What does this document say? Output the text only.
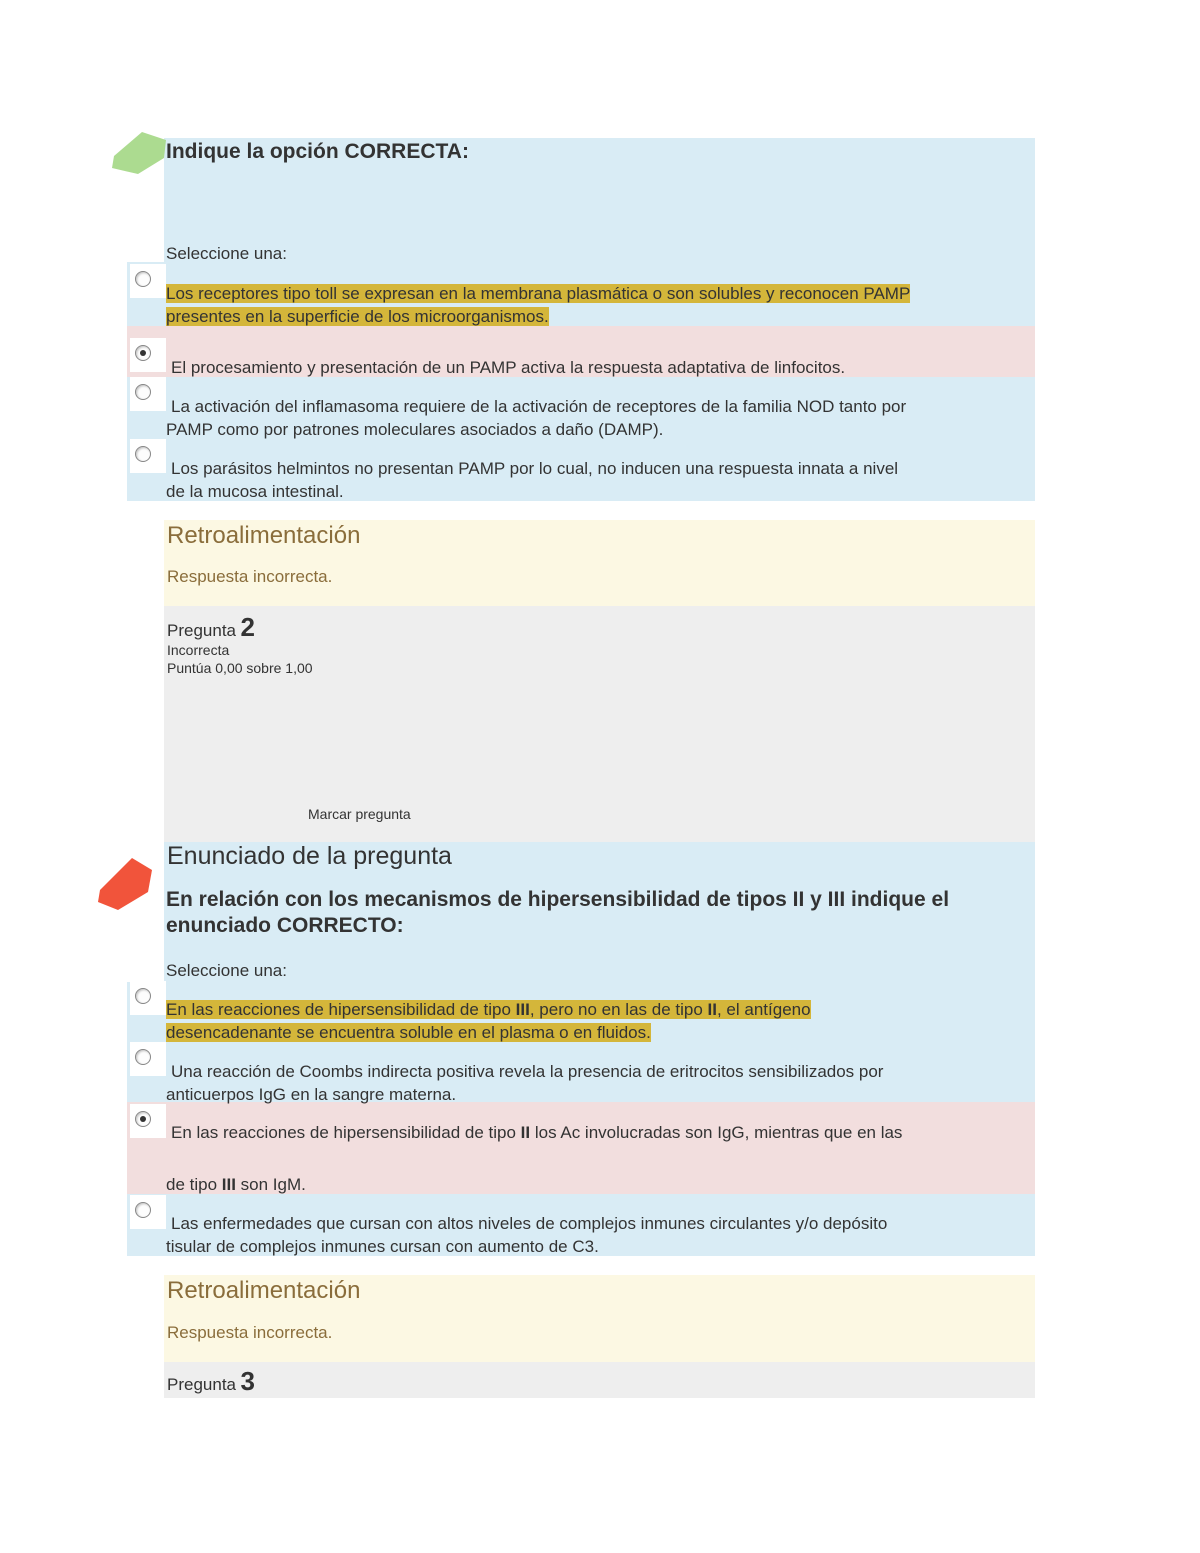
Indique la opción CORRECTA:
Seleccione una:
Los receptores tipo toll se expresan en la membrana plasmática o son solubles y reconocen PAMP
presentes en la superficie de los microorganismos.
El procesamiento y presentación de un PAMP activa la respuesta adaptativa de linfocitos.
La activación del inflamasoma requiere de la activación de receptores de la familia NOD tanto por
PAMP como por patrones moleculares asociados a daño (DAMP).
Los parásitos helmintos no presentan PAMP por lo cual, no inducen una respuesta innata a nivel
de la mucosa intestinal.
Retroalimentación
Respuesta incorrecta.
Pregunta 2
Incorrecta
Puntúa 0,00 sobre 1,00
Marcar pregunta
Enunciado de la pregunta
En relación con los mecanismos de hipersensibilidad de tipos II y III indique el
enunciado CORRECTO:
Seleccione una:
En las reacciones de hipersensibilidad de tipo III, pero no en las de tipo II, el antígeno
desencadenante se encuentra soluble en el plasma o en fluidos.
Una reacción de Coombs indirecta positiva revela la presencia de eritrocitos sensibilizados por
anticuerpos IgG en la sangre materna.
En las reacciones de hipersensibilidad de tipo II los Ac involucradas son IgG, mientras que en las
de tipo III son IgM.
Las enfermedades que cursan con altos niveles de complejos inmunes circulantes y/o depósito
tisular de complejos inmunes cursan con aumento de C3.
Retroalimentación
Respuesta incorrecta.
Pregunta 3
